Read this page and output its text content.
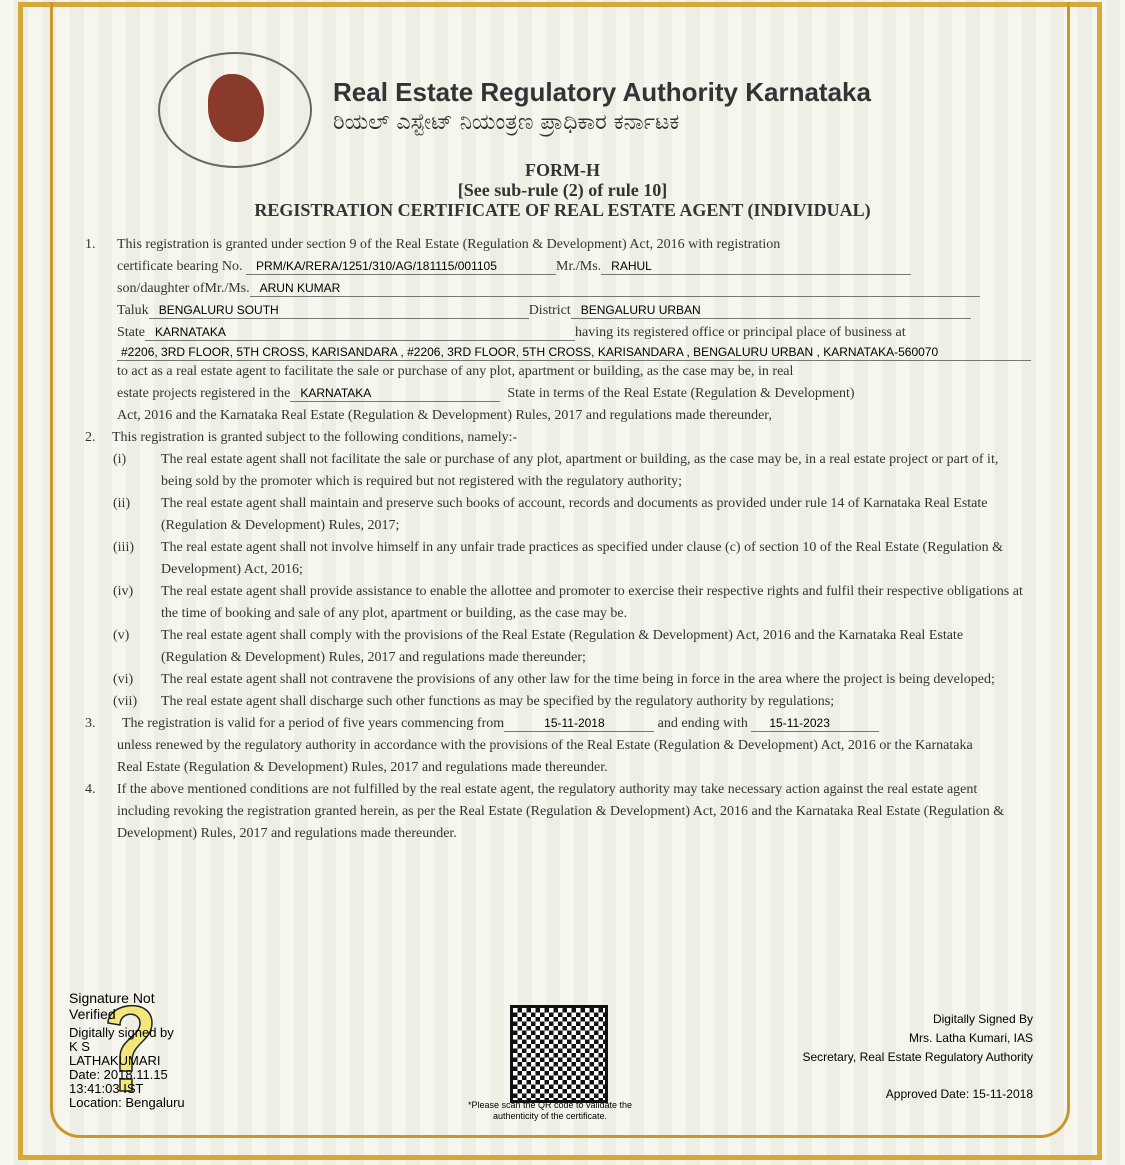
Real Estate Regulatory Authority Karnataka
ರಿಯಲ್ ಎಸ್ಟೇಟ್ ನಿಯಂತ್ರಣ ಪ್ರಾಧಿಕಾರ ಕರ್ನಾಟಕ
FORM-H
[See sub-rule (2) of rule 10]
REGISTRATION CERTIFICATE OF REAL ESTATE AGENT (INDIVIDUAL)
1.	This registration is granted under section 9 of the Real Estate (Regulation & Development) Act, 2016 with registration
certificate bearing No.
	PRM/KA/RERA/1251/310/AG/181115/001105	Mr./Ms. RAHUL
son/daughter ofMr./Ms. ARUN KUMAR
Taluk BENGALURU SOUTH	District BENGALURU URBAN
State KARNATAKA	having its registered office or principal place of business at
#2206, 3RD FLOOR, 5TH CROSS, KARISANDARA , #2206, 3RD FLOOR, 5TH CROSS, KARISANDARA , BENGALURU URBAN , KARNATAKA-560070
to act as a real estate agent to facilitate the sale or purchase of any plot, apartment or building, as the case may be, in real
estate projects registered in the KARNATAKA
	State in terms of the Real Estate (Regulation & Development)
Act, 2016 and the Karnataka Real Estate (Regulation & Development) Rules, 2017 and regulations made thereunder,
2.	This registration is granted subject to the following conditions, namely:-
(i)	The real estate agent shall not facilitate the sale or purchase of any plot, apartment or building, as the case may be, in a real estate project or part of it, being sold by the promoter which is required but not registered with the regulatory authority;
(ii)	The real estate agent shall maintain and preserve such books of account, records and documents as provided under rule 14 of Karnataka Real Estate (Regulation & Development) Rules, 2017;
(iii)	The real estate agent shall not involve himself in any unfair trade practices as specified under clause (c) of section 10 of the Real Estate (Regulation & Development) Act, 2016;
(iv)	The real estate agent shall provide assistance to enable the allottee and promoter to exercise their respective rights and fulfil their respective obligations at the time of booking and sale of any plot, apartment or building, as the case may be.
(v)	The real estate agent shall comply with the provisions of the Real Estate (Regulation & Development) Act, 2016 and the Karnataka Real Estate (Regulation & Development) Rules, 2017 and regulations made thereunder;
(vi)	The real estate agent shall not contravene the provisions of any other law for the time being in force in the area where the project is being developed;
(vii)	The real estate agent shall discharge such other functions as may be specified by the regulatory authority by regulations;
3.	The registration is valid for a period of five years commencing from	15-11-2018
	and ending with
	15-11-2023
unless renewed by the regulatory authority in accordance with the provisions of the Real Estate (Regulation & Development) Act, 2016 or the Karnataka Real Estate (Regulation & Development) Rules, 2017 and regulations made thereunder.
4.	If the above mentioned conditions are not fulfilled by the real estate agent, the regulatory authority may take necessary action against the real estate agent including revoking the registration granted herein, as per the Real Estate (Regulation & Development) Act, 2016 and the Karnataka Real Estate (Regulation & Development) Rules, 2017 and regulations made thereunder.
Signature Not Verified
Digitally signed by
K S LATHAKUMARI
Date: 2018.11.15
13:41:03 IST
Location: Bengaluru	*Please scan the QR code to validate the authenticity of the certificate.
Digitally Signed By
Mrs. Latha Kumari, IAS
Secretary, Real Estate Regulatory Authority
Approved Date: 15-11-2018
